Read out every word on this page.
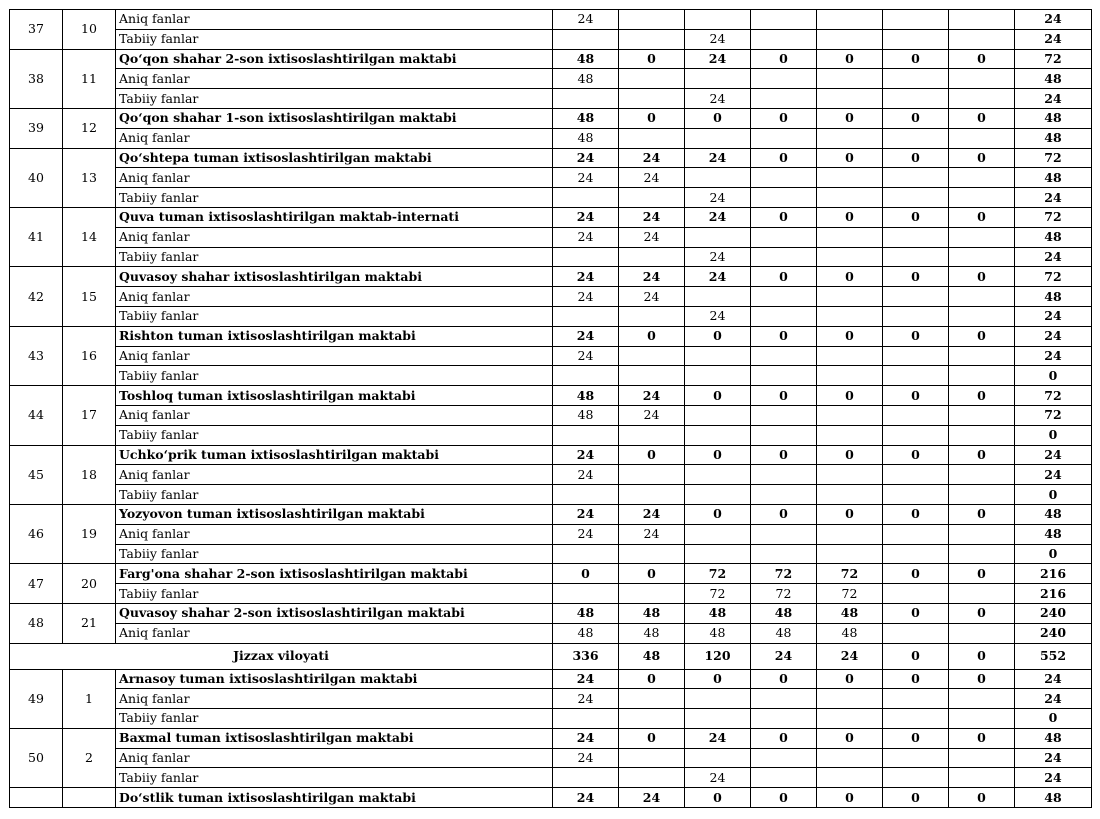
37	10	Aniq fanlar	24							24
		Tabiiy fanlar			24					24
38	11	Qo‘qon shahar 2-son ixtisoslashtirilgan maktabi	48	0	24	0	0	0	0	72
		Aniq fanlar	48							48
		Tabiiy fanlar			24					24
39	12	Qo‘qon shahar 1-son ixtisoslashtirilgan maktabi	48	0	0	0	0	0	0	48
		Aniq fanlar	48							48
40	13	Qo‘shtepa tuman ixtisoslashtirilgan maktabi	24	24	24	0	0	0	0	72
		Aniq fanlar	24	24						48
		Tabiiy fanlar			24					24
41	14	Quva tuman ixtisoslashtirilgan maktab-internati	24	24	24	0	0	0	0	72
		Aniq fanlar	24	24						48
		Tabiiy fanlar			24					24
42	15	Quvasoy shahar ixtisoslashtirilgan maktabi	24	24	24	0	0	0	0	72
		Aniq fanlar	24	24						48
		Tabiiy fanlar			24					24
43	16	Rishton tuman ixtisoslashtirilgan maktabi	24	0	0	0	0	0	0	24
		Aniq fanlar	24							24
		Tabiiy fanlar								0
44	17	Toshloq tuman ixtisoslashtirilgan maktabi	48	24	0	0	0	0	0	72
		Aniq fanlar	48	24						72
		Tabiiy fanlar								0
45	18	Uchko‘prik tuman ixtisoslashtirilgan maktabi	24	0	0	0	0	0	0	24
		Aniq fanlar	24							24
		Tabiiy fanlar								0
46	19	Yozyovon tuman ixtisoslashtirilgan maktabi	24	24	0	0	0	0	0	48
		Aniq fanlar	24	24						48
		Tabiiy fanlar								0
47	20	Farg'ona shahar 2-son ixtisoslashtirilgan maktabi	0	0	72	72	72	0	0	216
		Tabiiy fanlar			72	72	72			216
48	21	Quvasoy shahar 2-son ixtisoslashtirilgan maktabi	48	48	48	48	48	0	0	240
		Aniq fanlar	48	48	48	48	48			240
Jizzax viloyati			336	48	120	24	24	0	0	552
49	1	Arnasoy tuman ixtisoslashtirilgan maktabi	24	0	0	0	0	0	0	24
		Aniq fanlar	24							24
		Tabiiy fanlar								0
50	2	Baxmal tuman ixtisoslashtirilgan maktabi	24	0	24	0	0	0	0	48
		Aniq fanlar	24							24
		Tabiiy fanlar			24					24
		Do‘stlik tuman ixtisoslashtirilgan maktabi	24	24	0	0	0	0	0	48
